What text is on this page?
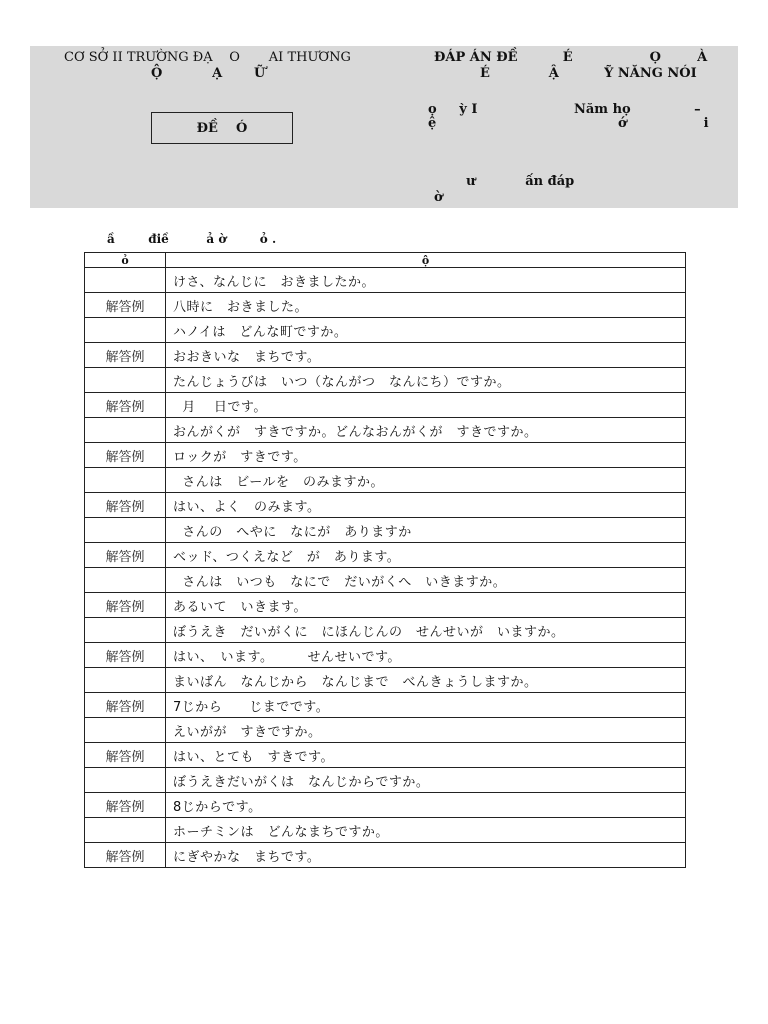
CƠ SỞ II TRƯỜNG ĐẠ    O       AI THƯƠNG
Ộ           Ạ       Ữ
ĐỀ    Ó
ĐÁP ÁN ĐỀ          É                 Ọ        À
É             Ậ          Ỹ NĂNG NÓI
ọ     ỳ I
ệ
Năm họ              –
ớ                 i
ư           ấn đáp
ờ
ầ        điề         ả ờ        ỏ .
ỏ	ộ
	けさ、なんじに　おきましたか。
解答例	八時に　おきました。
	ハノイは　どんな町ですか。
解答例	おおきいな　まちです。
	たんじょうびは　いつ（なんがつ　なんにち）ですか。
解答例	月　 日です。
	おんがくが　すきですか。どんなおんがくが　すきですか。
解答例	ロックが　すきです。
	さんは　ビールを　のみますか。
解答例	はい、よく　のみます。
	さんの　へやに　なにが　ありますか
解答例	ベッド、つくえなど　が　あります。
	さんは　いつも　なにで　だいがくへ　いきますか。
解答例	あるいて　いきます。
	ぼうえき　だいがくに　にほんじんの　せんせいが　いますか。
解答例	はい、　います。　　　せんせいです。
	まいばん　なんじから　なんじまで　べんきょうしますか。
解答例	7じから　　じまでです。
	えいがが　すきですか。
解答例	はい、とても　すきです。
	ぼうえきだいがくは　なんじからですか。
解答例	8じからです。
	ホーチミンは　どんなまちですか。
解答例	にぎやかな　まちです。
